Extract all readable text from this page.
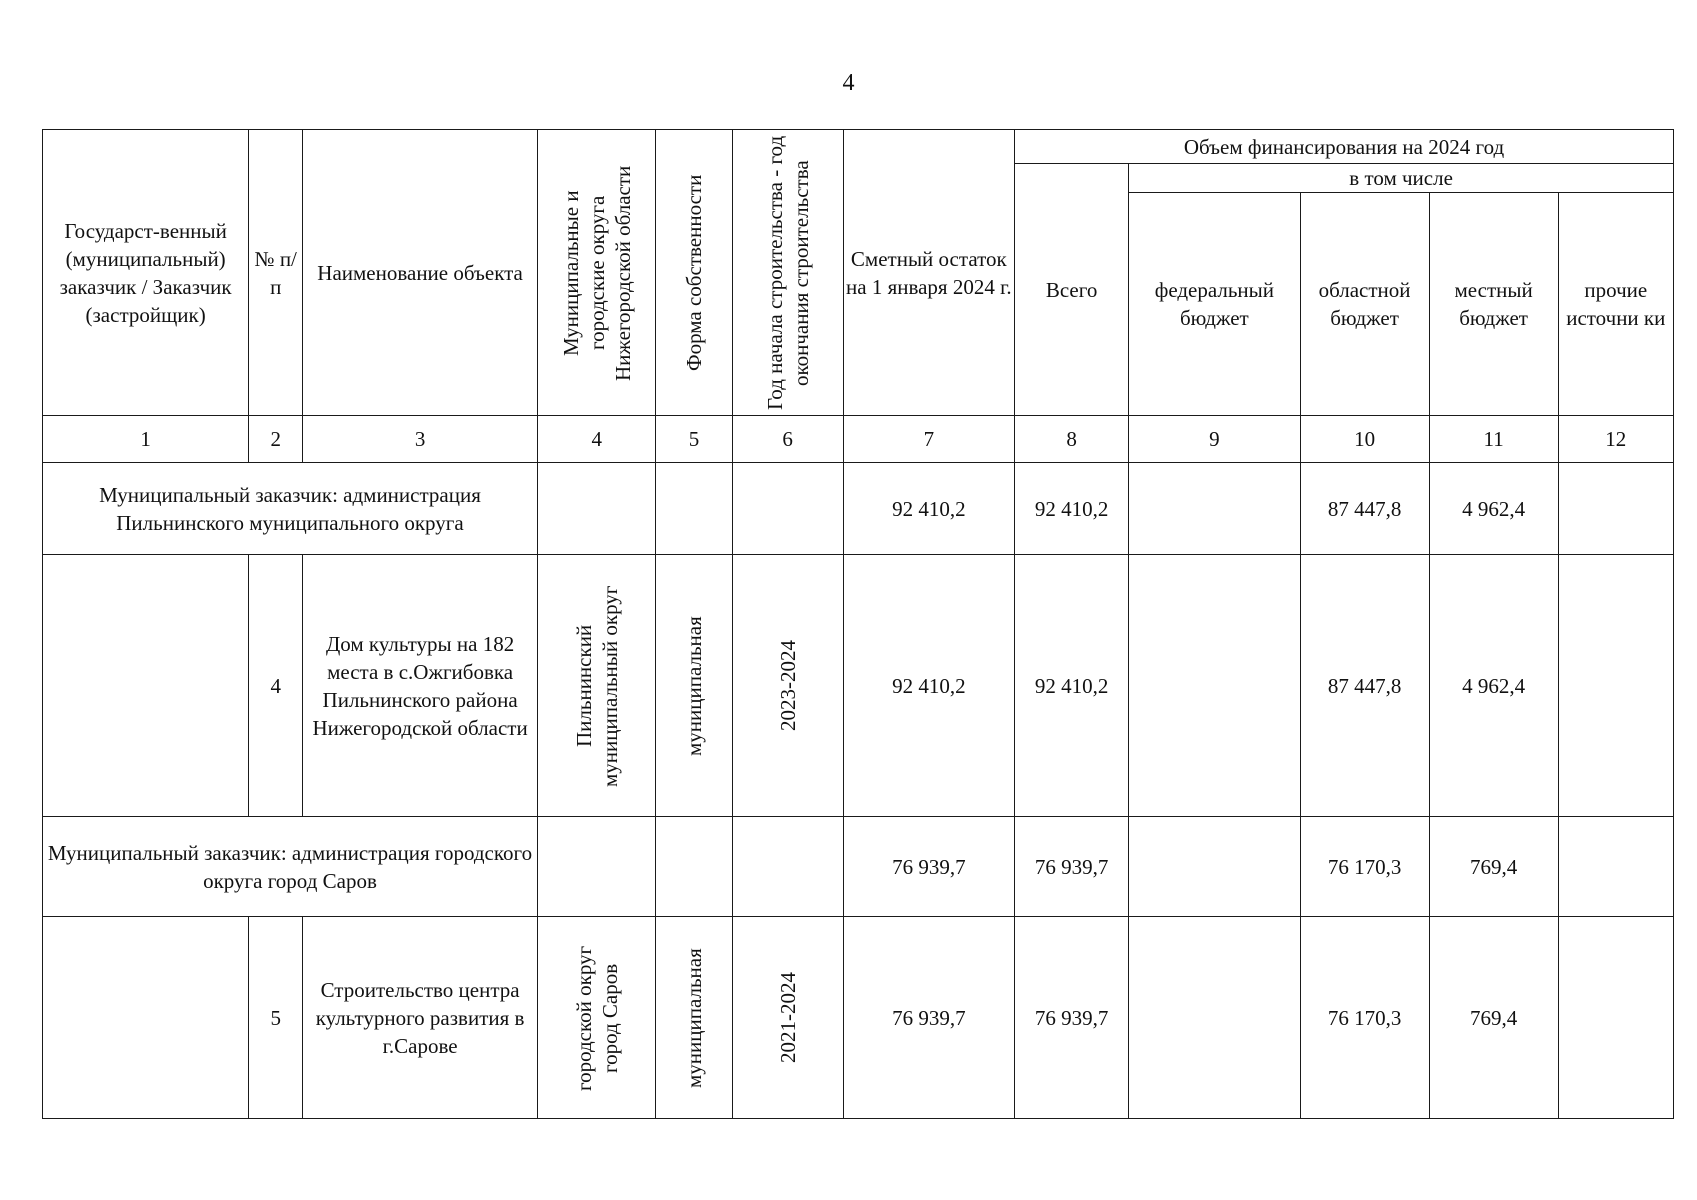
4
Государст-венный (муниципальный) заказчик / Заказчик (застройщик)	№ п/п	Наименование объекта	Муниципальные и городские округа Нижегородской области	Форма собственности	Год начала строительства - год окончания строительства	Сметный остаток на 1 января 2024 г.	Объем финансирования на 2024 год				
							Всего	в том числе			
								федеральный бюджет	областной бюджет	местный бюджет	прочие источни ки
1	2	3	4	5	6	7	8	9	10	11	12
Муниципальный заказчик: администрация Пильнинского муниципального округа						92 410,2	92 410,2		87 447,8	4 962,4	
	4	Дом культуры на 182 места в с.Ожгибовка Пильнинского района Нижегородской области	Пильнинский муниципальный округ	муниципальная	2023-2024	92 410,2	92 410,2		87 447,8	4 962,4	
Муниципальный заказчик: администрация городского округа город Саров						76 939,7	76 939,7		76 170,3	769,4	
	5	Строительство центра культурного развития в г.Сарове	городской округ город Саров	муниципальная	2021-2024	76 939,7	76 939,7		76 170,3	769,4	
